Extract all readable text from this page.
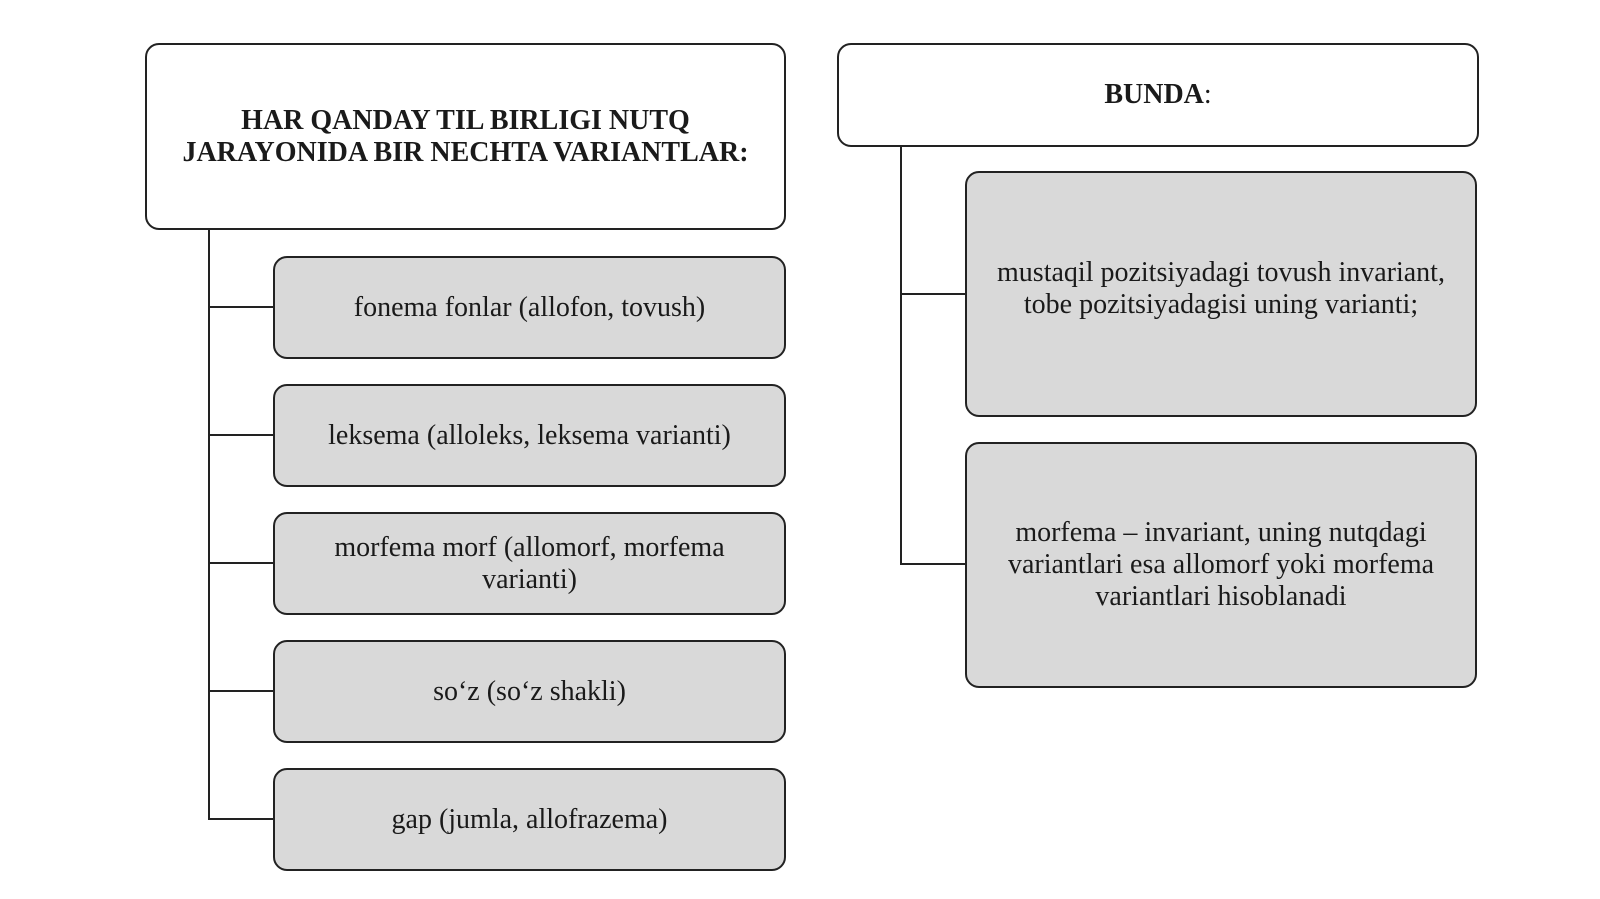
HAR QANDAY TIL BIRLIGI NUTQ JARAYONIDA BIR NECHTA VARIANTLAR:
BUNDA:
fonema fonlar (allofon, tovush)
leksema (alloleks, leksema varianti)
morfema morf (allomorf, morfema varianti)
so‘z (so‘z shakli)
gap (jumla, allofrazema)
mustaqil pozitsiyadagi tovush invariant, tobe pozitsiyadagisi uning varianti;
morfema – invariant, uning nutqdagi variantlari esa allomorf yoki morfema variantlari hisoblanadi
